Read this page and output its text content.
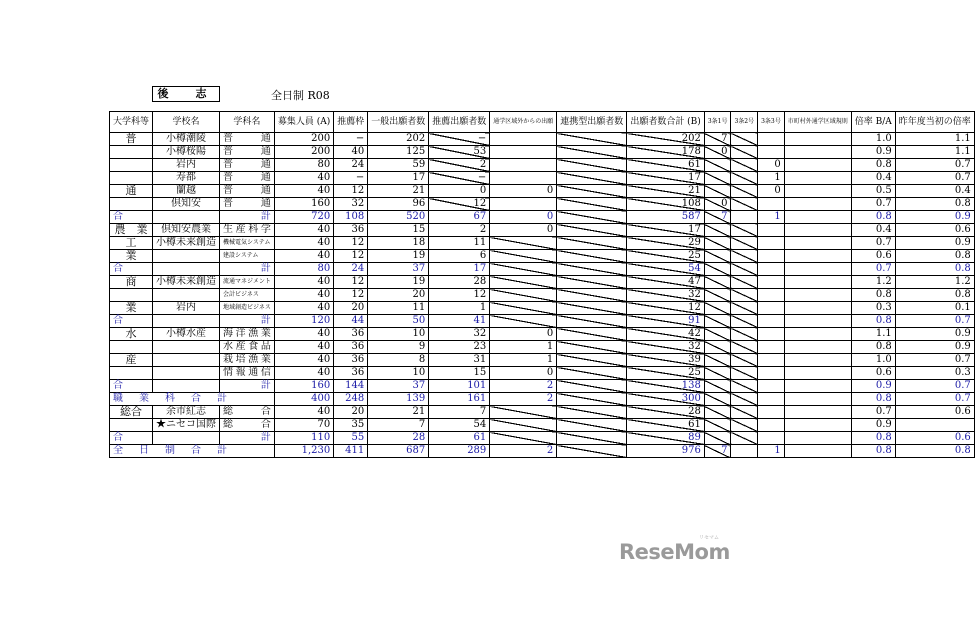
後　志	全日制 R08
大学科等	学校名	学科名	募集人員 (A)	推薦枠	一般出願者数	推薦出願者数	通学区域外からの出願	連携型出願者数	出願者数合計 (B)	3条1号	3条2号	3条3号	市町村外通学区域規則	倍率 B/A	昨年度当初の倍率
普	小樽潮陵	普　通	200	−	202	−			202	7				1.0	1.1
	小樽桜陽	普　通	200	40	125	53			178	0				0.9	1.1
	岩内	普　通	80	24	59	2			61			0		0.8	0.7
	寿都	普　通	40	−	17	−			17			1		0.4	0.7
通	蘭越	普　通	40	12	21	0	0		21			0		0.5	0.4
	倶知安	普　通	160	32	96	12			108	0				0.7	0.8
合		計	720	108	520	67	0		587	7		1		0.8	0.9
農　業	倶知安農業	生産科学	40	36	15	2	0		17					0.4	0.6
工	小樽未来創造	機械電気システム	40	12	18	11			29					0.7	0.9
業		建設システム	40	12	19	6			25					0.6	0.8
合		計	80	24	37	17			54					0.7	0.8
商	小樽未来創造	流通マネジメント	40	12	19	28			47					1.2	1.2
		会計ビジネス	40	12	20	12			32					0.8	0.8
業	岩内	地域創造ビジネス	40	20	11	1			12					0.3	0.1
合		計	120	44	50	41			91					0.8	0.7
水	小樽水産	海洋漁業	40	36	10	32	0		42					1.1	0.9
		水産食品	40	36	9	23	1		32					0.8	0.9
産		栽培漁業	40	36	8	31	1		39					1.0	0.7
		情報通信	40	36	10	15	0		25					0.6	0.3
合		計	160	144	37	101	2		138					0.9	0.7
職　業　科　合　計			400	248	139	161	2		300					0.8	0.7
総合	余市紅志	総　合	40	20	21	7			28					0.7	0.6
	★ニセコ国際	総　合	70	35	7	54			61					0.9	
合		計	110	55	28	61			89					0.8	0.6
全　日　制　合　計			1,230	411	687	289	2		976	7		1		0.8	0.8
ReseMom
リセマム
